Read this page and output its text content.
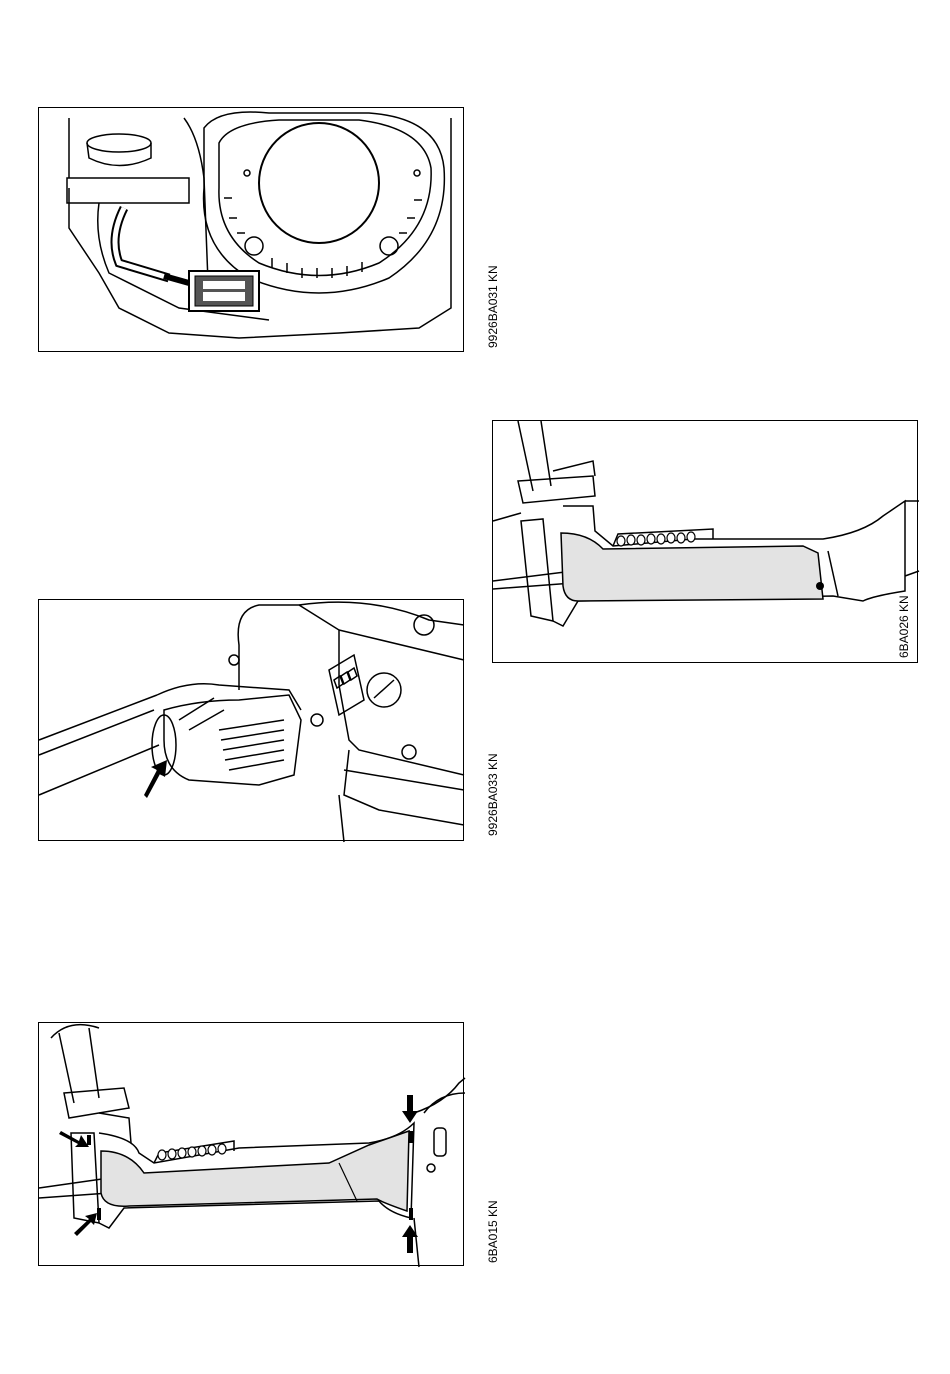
9926BA031 KN
9926BA033 KN
6BA015 KN
6BA026 KN
